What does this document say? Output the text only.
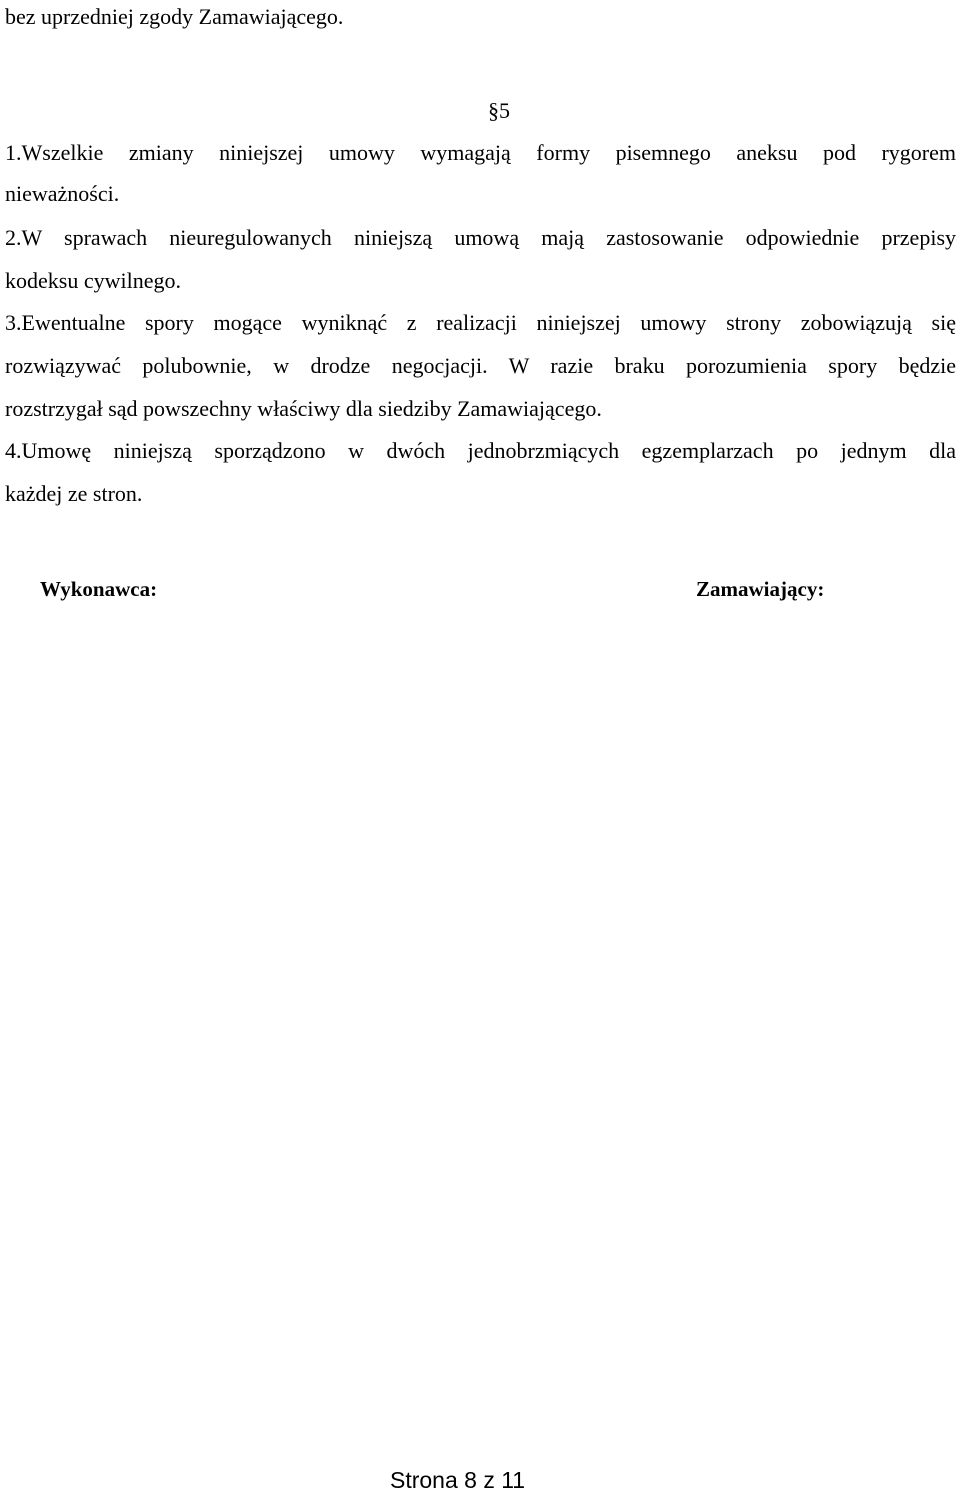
bez uprzedniej zgody Zamawiającego.
§5
1.Wszelkie zmiany niniejszej umowy wymagają formy pisemnego aneksu pod rygorem
nieważności.
2.W sprawach nieuregulowanych niniejszą umową mają zastosowanie odpowiednie przepisy
kodeksu cywilnego.
3.Ewentualne spory mogące wyniknąć z realizacji niniejszej umowy strony zobowiązują się
rozwiązywać polubownie, w drodze negocjacji. W razie braku porozumienia spory będzie
rozstrzygał sąd powszechny właściwy dla siedziby Zamawiającego.
4.Umowę niniejszą sporządzono w dwóch jednobrzmiących egzemplarzach po jednym dla
każdej ze stron.
Wykonawca:	Zamawiający:
Strona 8 z 11
